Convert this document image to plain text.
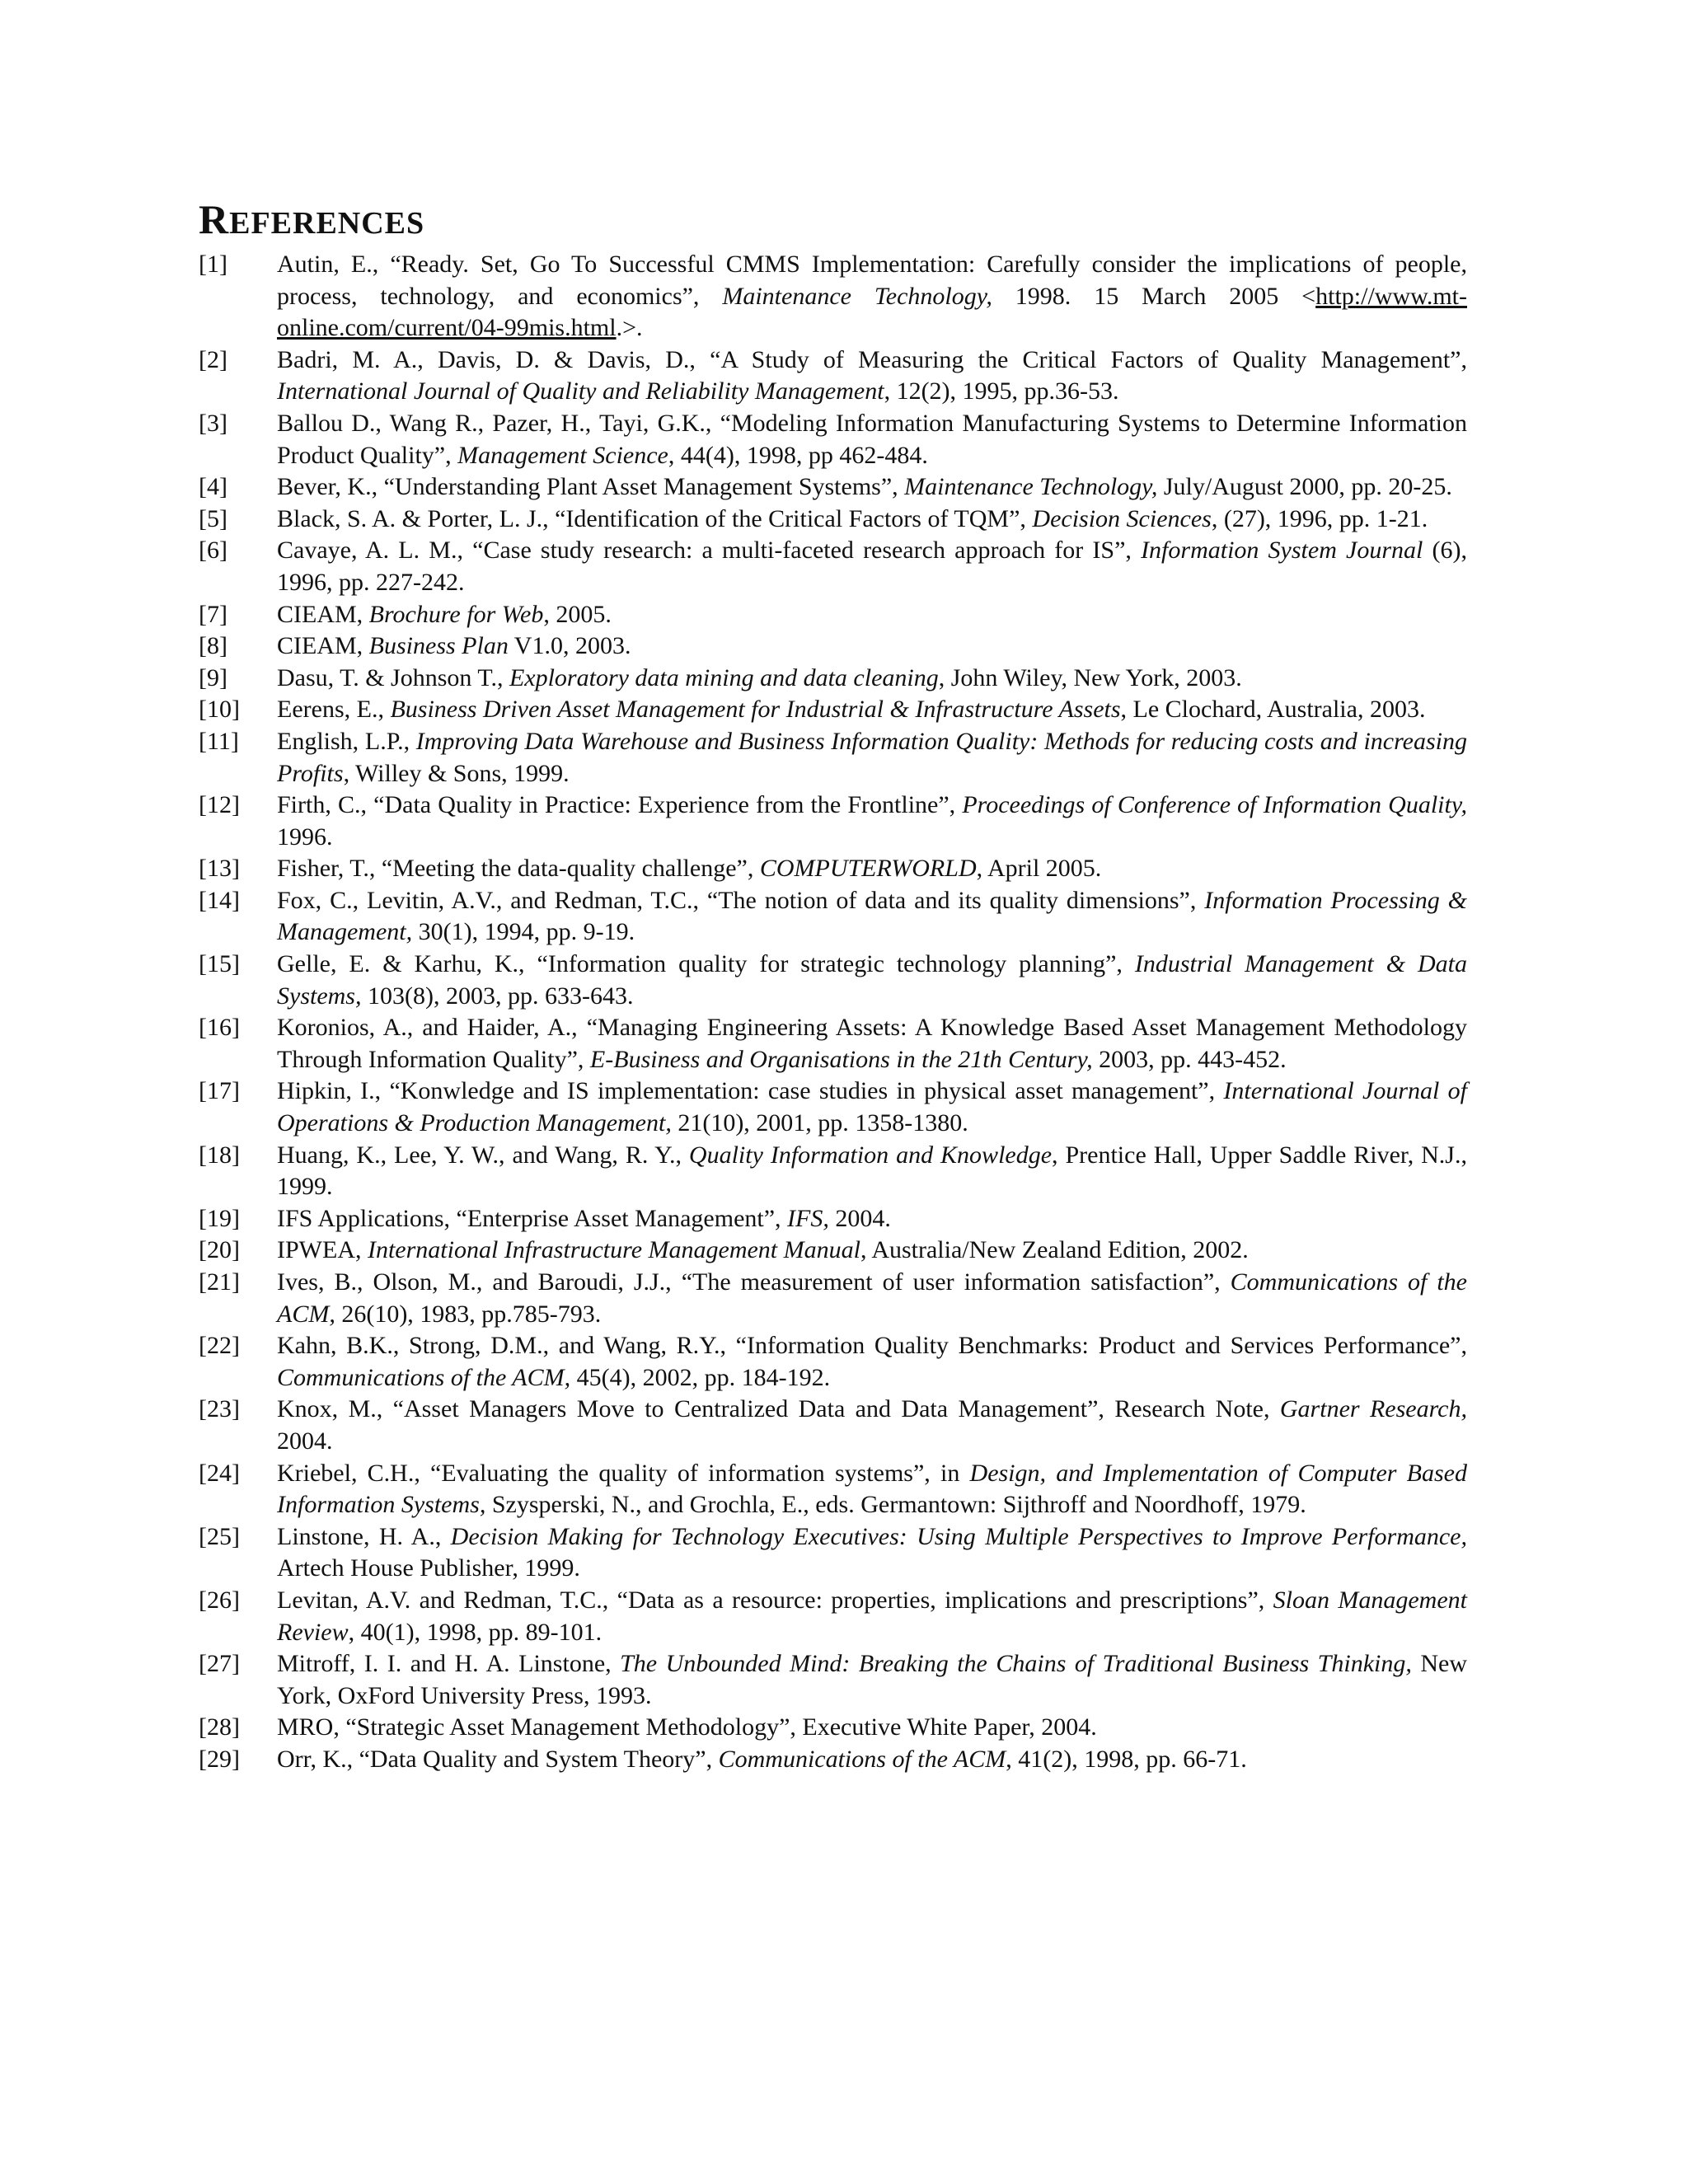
REFERENCES
[1] Autin, E., “Ready. Set, Go To Successful CMMS Implementation: Carefully consider the implications of people, process, technology, and economics”, Maintenance Technology, 1998. 15 March 2005 <http://www.mt-online.com/current/04-99mis.html.>.
[2] Badri, M. A., Davis, D. & Davis, D., “A Study of Measuring the Critical Factors of Quality Management”, International Journal of Quality and Reliability Management, 12(2), 1995, pp.36-53.
[3] Ballou D., Wang R., Pazer, H., Tayi, G.K., “Modeling Information Manufacturing Systems to Determine Information Product Quality”, Management Science, 44(4), 1998, pp 462-484.
[4] Bever, K., “Understanding Plant Asset Management Systems”, Maintenance Technology, July/August 2000, pp. 20-25.
[5] Black, S. A. & Porter, L. J., “Identification of the Critical Factors of TQM”, Decision Sciences, (27), 1996, pp. 1-21.
[6] Cavaye, A. L. M., “Case study research: a multi-faceted research approach for IS”, Information System Journal (6), 1996, pp. 227-242.
[7] CIEAM, Brochure for Web, 2005.
[8] CIEAM, Business Plan V1.0, 2003.
[9] Dasu, T. & Johnson T., Exploratory data mining and data cleaning, John Wiley, New York, 2003.
[10] Eerens, E., Business Driven Asset Management for Industrial & Infrastructure Assets, Le Clochard, Australia, 2003.
[11] English, L.P., Improving Data Warehouse and Business Information Quality: Methods for reducing costs and increasing Profits, Willey & Sons, 1999.
[12] Firth, C., “Data Quality in Practice: Experience from the Frontline”, Proceedings of Conference of Information Quality, 1996.
[13] Fisher, T., “Meeting the data-quality challenge”, COMPUTERWORLD, April 2005.
[14] Fox, C., Levitin, A.V., and Redman, T.C., “The notion of data and its quality dimensions”, Information Processing & Management, 30(1), 1994, pp. 9-19.
[15] Gelle, E. & Karhu, K., “Information quality for strategic technology planning”, Industrial Management & Data Systems, 103(8), 2003, pp. 633-643.
[16] Koronios, A., and Haider, A., “Managing Engineering Assets: A Knowledge Based Asset Management Methodology Through Information Quality”, E-Business and Organisations in the 21th Century, 2003, pp. 443-452.
[17] Hipkin, I., “Konwledge and IS implementation: case studies in physical asset management”, International Journal of Operations & Production Management, 21(10), 2001, pp. 1358-1380.
[18] Huang, K., Lee, Y. W., and Wang, R. Y., Quality Information and Knowledge, Prentice Hall, Upper Saddle River, N.J., 1999.
[19] IFS Applications, “Enterprise Asset Management”, IFS, 2004.
[20] IPWEA, International Infrastructure Management Manual, Australia/New Zealand Edition, 2002.
[21] Ives, B., Olson, M., and Baroudi, J.J., “The measurement of user information satisfaction”, Communications of the ACM, 26(10), 1983, pp.785-793.
[22] Kahn, B.K., Strong, D.M., and Wang, R.Y., “Information Quality Benchmarks: Product and Services Performance”, Communications of the ACM, 45(4), 2002, pp. 184-192.
[23] Knox, M., “Asset Managers Move to Centralized Data and Data Management”, Research Note, Gartner Research, 2004.
[24] Kriebel, C.H., “Evaluating the quality of information systems”, in Design, and Implementation of Computer Based Information Systems, Szysperski, N., and Grochla, E., eds. Germantown: Sijthroff and Noordhoff, 1979.
[25] Linstone, H. A., Decision Making for Technology Executives: Using Multiple Perspectives to Improve Performance, Artech House Publisher, 1999.
[26] Levitan, A.V. and Redman, T.C., “Data as a resource: properties, implications and prescriptions”, Sloan Management Review, 40(1), 1998, pp. 89-101.
[27] Mitroff, I. I. and H. A. Linstone, The Unbounded Mind: Breaking the Chains of Traditional Business Thinking, New York, OxFord University Press, 1993.
[28] MRO, “Strategic Asset Management Methodology”, Executive White Paper, 2004.
[29] Orr, K., “Data Quality and System Theory”, Communications of the ACM, 41(2), 1998, pp. 66-71.
